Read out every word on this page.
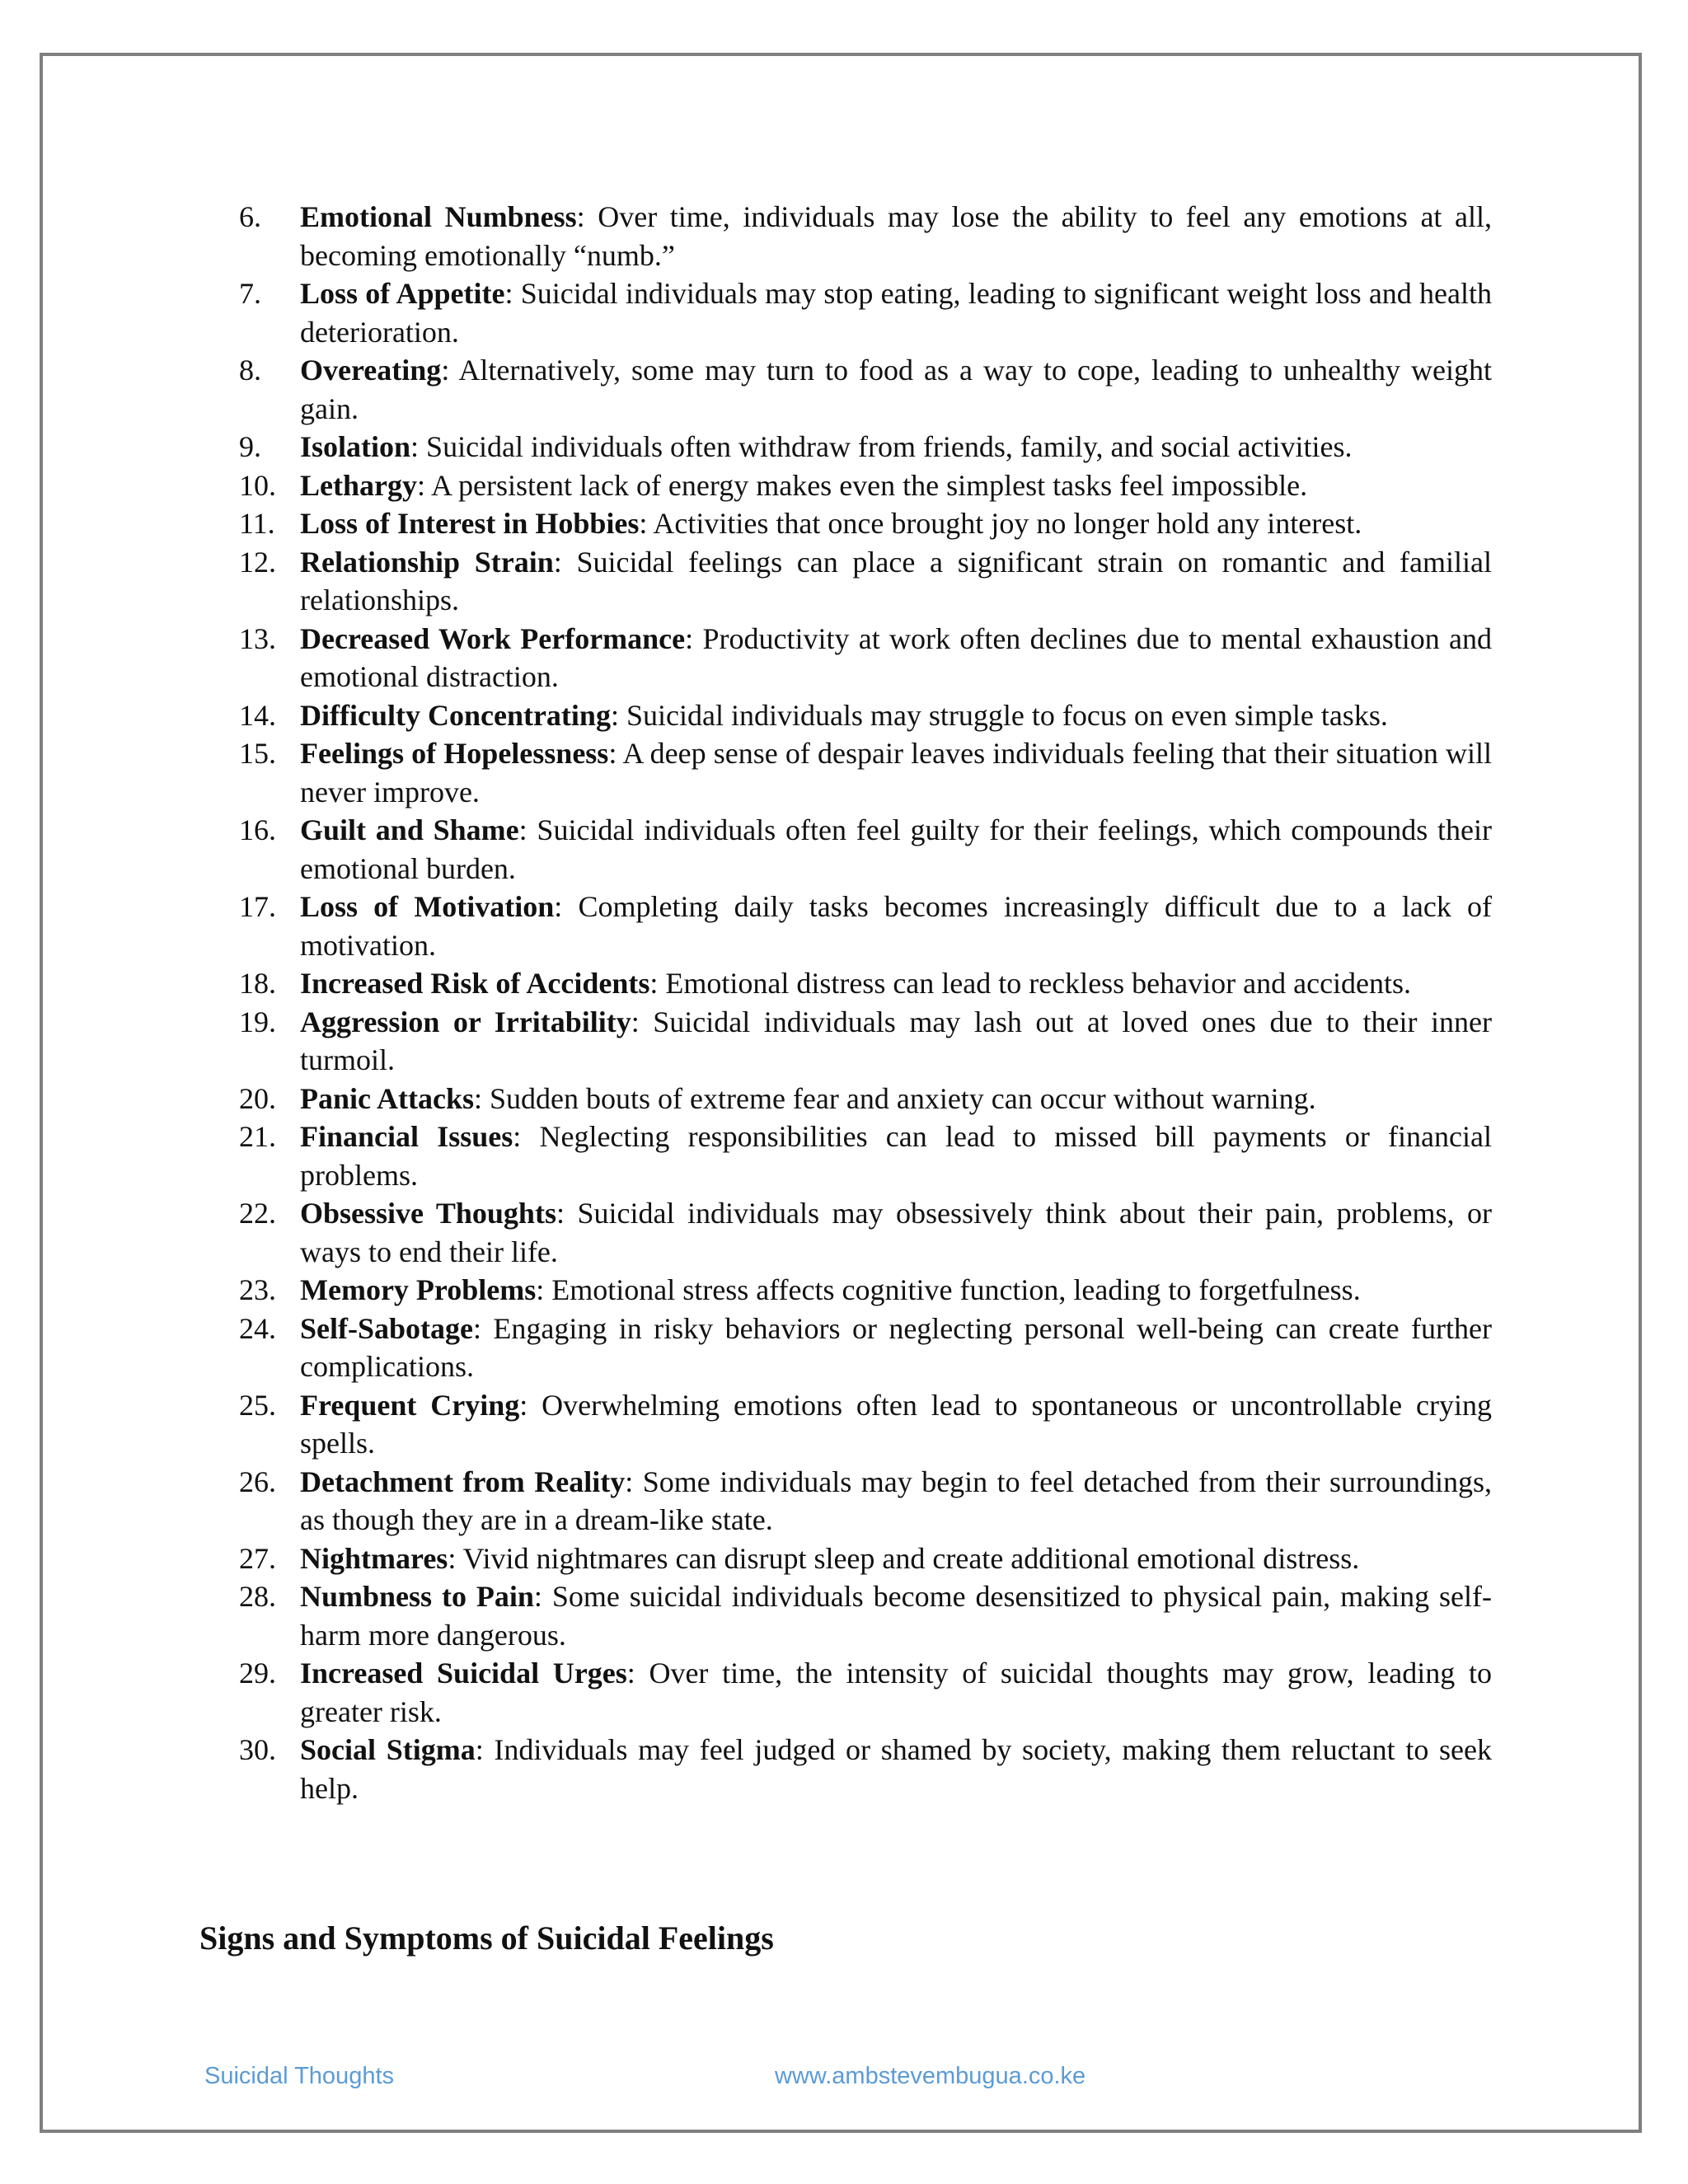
6.	Emotional Numbness: Over time, individuals may lose the ability to feel any emotions at all, becoming emotionally “numb.”
7.	Loss of Appetite: Suicidal individuals may stop eating, leading to significant weight loss and health deterioration.
8.	Overeating: Alternatively, some may turn to food as a way to cope, leading to unhealthy weight gain.
9.	Isolation: Suicidal individuals often withdraw from friends, family, and social activities.
10. Lethargy: A persistent lack of energy makes even the simplest tasks feel impossible.
11. Loss of Interest in Hobbies: Activities that once brought joy no longer hold any interest.
12. Relationship Strain: Suicidal feelings can place a significant strain on romantic and familial relationships.
13. Decreased Work Performance: Productivity at work often declines due to mental exhaustion and emotional distraction.
14. Difficulty Concentrating: Suicidal individuals may struggle to focus on even simple tasks.
15. Feelings of Hopelessness: A deep sense of despair leaves individuals feeling that their situation will never improve.
16. Guilt and Shame: Suicidal individuals often feel guilty for their feelings, which compounds their emotional burden.
17. Loss of Motivation: Completing daily tasks becomes increasingly difficult due to a lack of motivation.
18. Increased Risk of Accidents: Emotional distress can lead to reckless behavior and accidents.
19. Aggression or Irritability: Suicidal individuals may lash out at loved ones due to their inner turmoil.
20. Panic Attacks: Sudden bouts of extreme fear and anxiety can occur without warning.
21. Financial Issues: Neglecting responsibilities can lead to missed bill payments or financial problems.
22. Obsessive Thoughts: Suicidal individuals may obsessively think about their pain, problems, or ways to end their life.
23. Memory Problems: Emotional stress affects cognitive function, leading to forgetfulness.
24. Self-Sabotage: Engaging in risky behaviors or neglecting personal well-being can create further complications.
25. Frequent Crying: Overwhelming emotions often lead to spontaneous or uncontrollable crying spells.
26. Detachment from Reality: Some individuals may begin to feel detached from their surroundings, as though they are in a dream-like state.
27. Nightmares: Vivid nightmares can disrupt sleep and create additional emotional distress.
28. Numbness to Pain: Some suicidal individuals become desensitized to physical pain, making self-harm more dangerous.
29. Increased Suicidal Urges: Over time, the intensity of suicidal thoughts may grow, leading to greater risk.
30. Social Stigma: Individuals may feel judged or shamed by society, making them reluctant to seek help.
Signs and Symptoms of Suicidal Feelings
Suicidal Thoughts	www.ambstevembugua.co.ke
